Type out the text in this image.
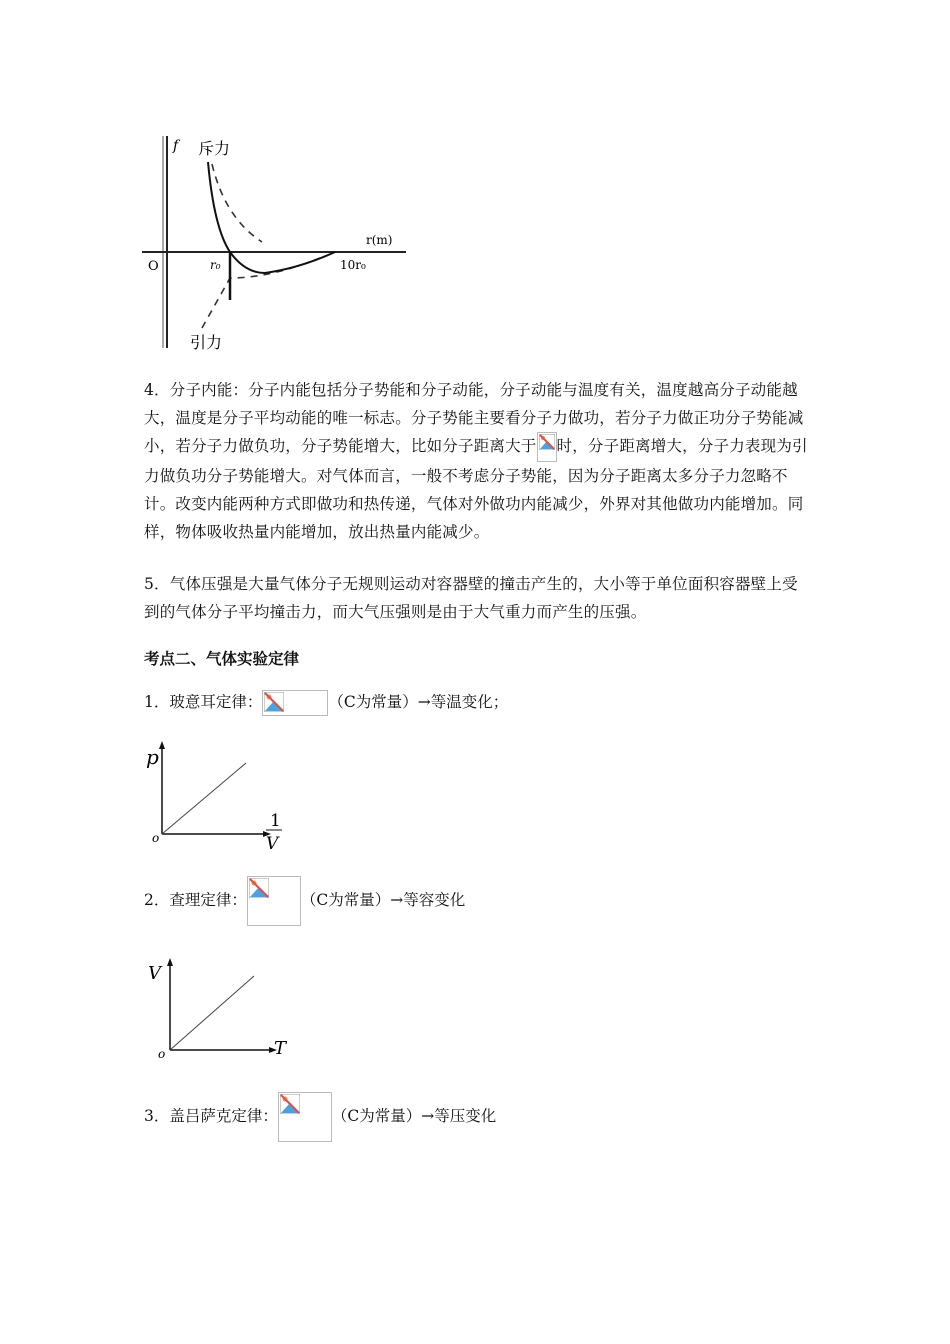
f 斥力
r(m)
O	r₀	10r₀
引力
4．分子内能：分子内能包括分子势能和分子动能，分子动能与温度有关，温度越高分子动能越大，温度是分子平均动能的唯一标志。分子势能主要看分子力做功，若分子力做正功分子势能减小，若分子力做负功，分子势能增大，比如分子距离大于 时，分子距离增大，分子力表现为引力做负功分子势能增大。对气体而言，一般不考虑分子势能，因为分子距离太多分子力忽略不计。改变内能两种方式即做功和热传递，气体对外做功内能减少，外界对其他做功内能增加。同样，物体吸收热量内能增加，放出热量内能减少。
5．气体压强是大量气体分子无规则运动对容器壁的撞击产生的，大小等于单位面积容器壁上受到的气体分子平均撞击力，而大气压强则是由于大气重力而产生的压强。
考点二、气体实验定律
1．玻意耳定律：	（C为常量）→等温变化；
p
o
1
V
2．查理定律：	（C为常量）→等容变化
V
o	T
3．盖吕萨克定律：	（C为常量）→等压变化
